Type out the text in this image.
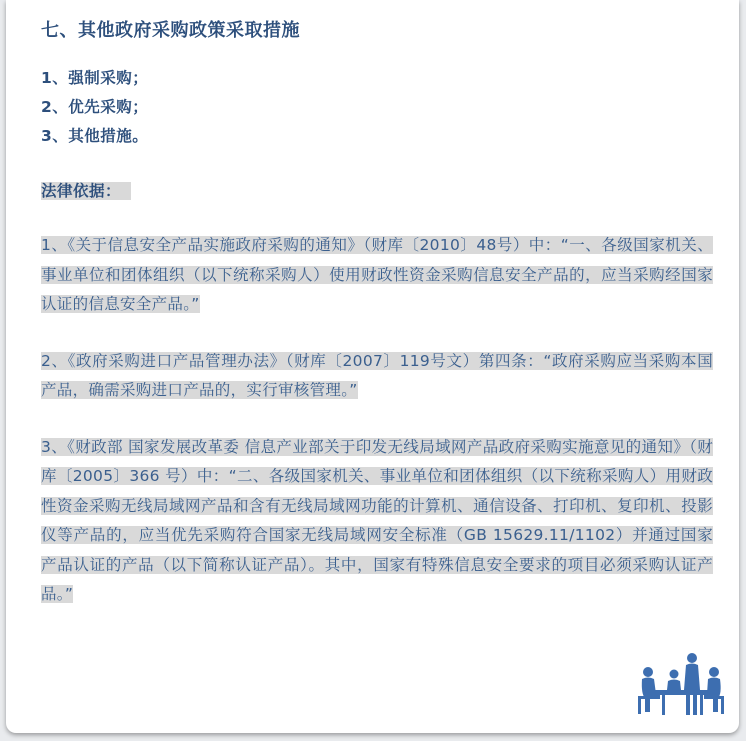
七、其他政府采购政策采取措施
1、强制采购；
2、优先采购；
3、其他措施。
法律依据：
1、《关于信息安全产品实施政府采购的通知》（财库〔2010〕48号）中：“一、各级国家机关、事业单位和团体组织（以下统称采购人）使用财政性资金采购信息安全产品的，应当采购经国家认证的信息安全产品。”
2、《政府采购进口产品管理办法》（财库〔2007〕119号文）第四条：“政府采购应当采购本国产品，确需采购进口产品的，实行审核管理。”
3、《财政部 国家发展改革委 信息产业部关于印发无线局域网产品政府采购实施意见的通知》（财库〔2005〕366 号）中：“二、各级国家机关、事业单位和团体组织（以下统称采购人）用财政性资金采购无线局域网产品和含有无线局域网功能的计算机、通信设备、打印机、复印机、投影仪等产品的，应当优先采购符合国家无线局域网安全标准（GB 15629.11/1102）并通过国家产品认证的产品（以下简称认证产品）。其中，国家有特殊信息安全要求的项目必须采购认证产品。”
